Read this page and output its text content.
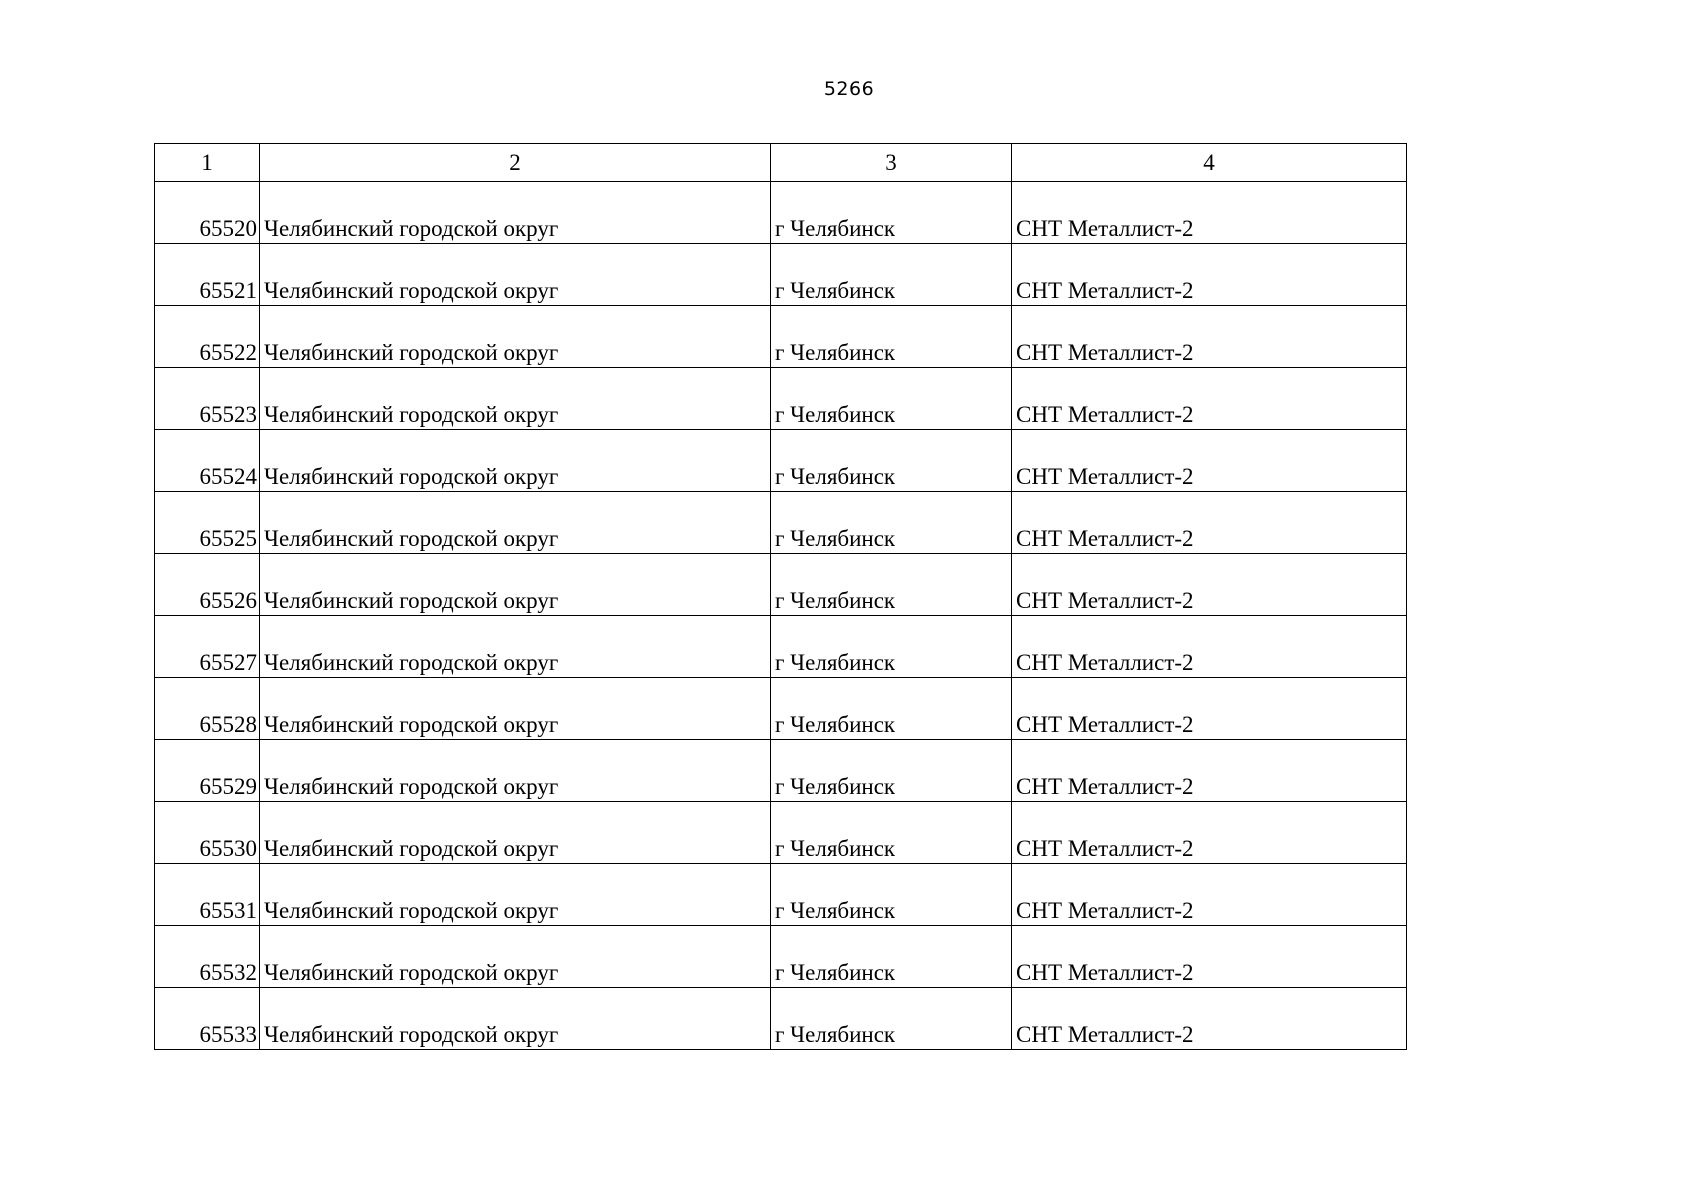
5266
1	2	3	4
65520	Челябинский городской округ	г Челябинск	СНТ Металлист-2
65521	Челябинский городской округ	г Челябинск	СНТ Металлист-2
65522	Челябинский городской округ	г Челябинск	СНТ Металлист-2
65523	Челябинский городской округ	г Челябинск	СНТ Металлист-2
65524	Челябинский городской округ	г Челябинск	СНТ Металлист-2
65525	Челябинский городской округ	г Челябинск	СНТ Металлист-2
65526	Челябинский городской округ	г Челябинск	СНТ Металлист-2
65527	Челябинский городской округ	г Челябинск	СНТ Металлист-2
65528	Челябинский городской округ	г Челябинск	СНТ Металлист-2
65529	Челябинский городской округ	г Челябинск	СНТ Металлист-2
65530	Челябинский городской округ	г Челябинск	СНТ Металлист-2
65531	Челябинский городской округ	г Челябинск	СНТ Металлист-2
65532	Челябинский городской округ	г Челябинск	СНТ Металлист-2
65533	Челябинский городской округ	г Челябинск	СНТ Металлист-2
